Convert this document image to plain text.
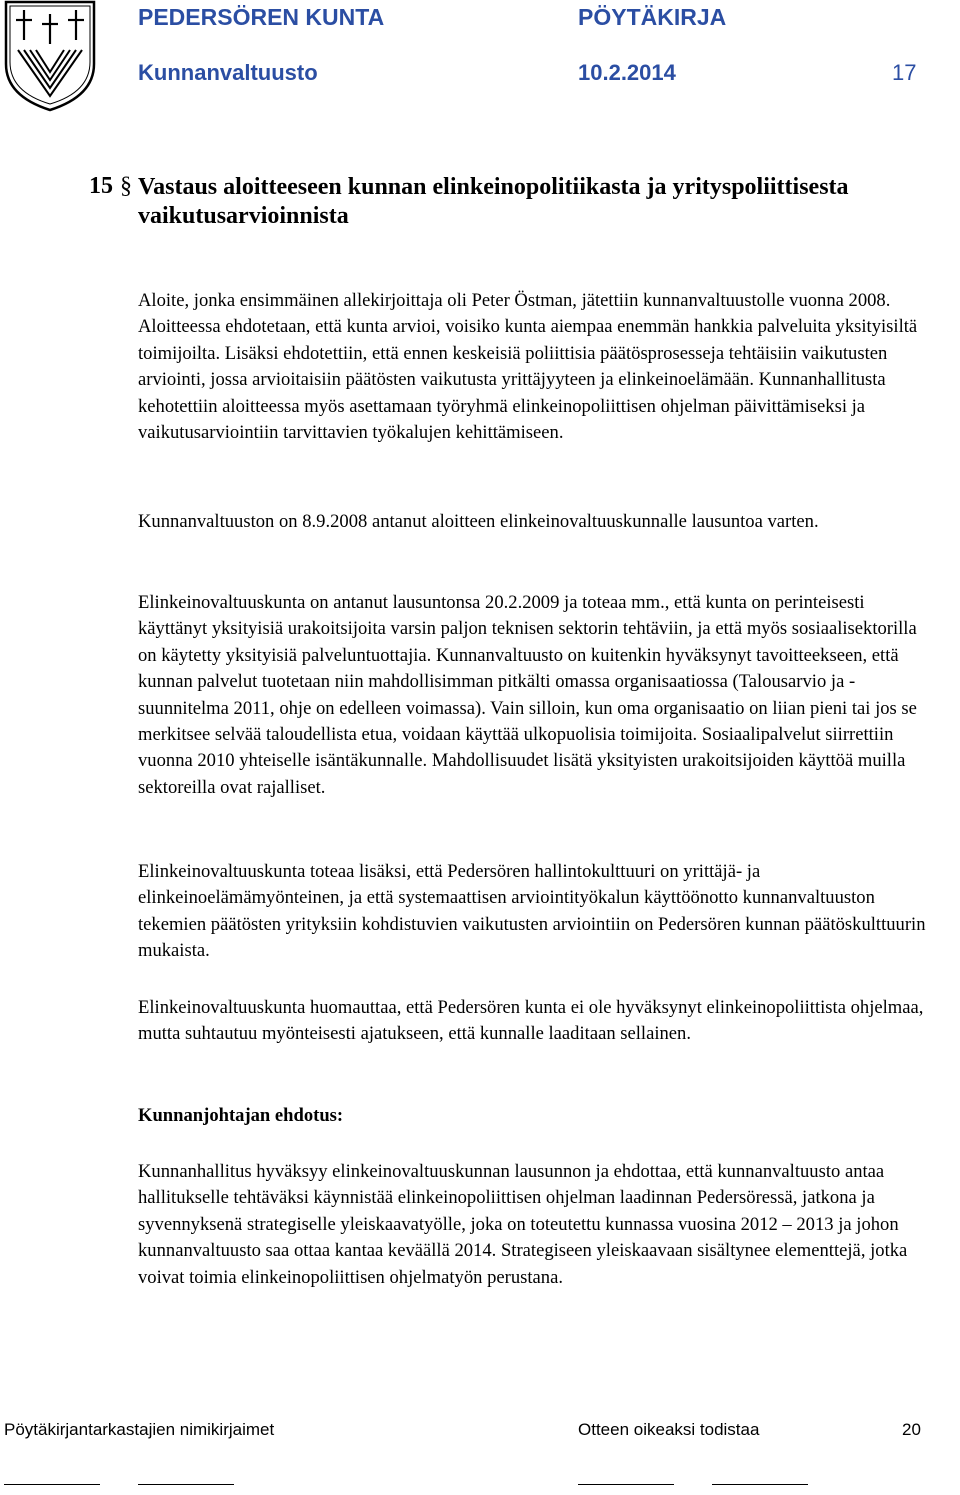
PEDERSÖREN KUNTA	PÖYTÄKIRJA
Kunnanvaltuusto	10.2.2014	17
15 § Vastaus aloitteeseen kunnan elinkeinopolitiikasta ja yrityspoliittisesta vaikutusarvioinnista

Aloite, jonka ensimmäinen allekirjoittaja oli Peter Östman, jätettiin kunnanvaltuustolle vuonna 2008. Aloitteessa ehdotetaan, että kunta arvioi, voisiko kunta aiempaa enemmän hankkia palveluita yksityisiltä toimijoilta. Lisäksi ehdotettiin, että ennen keskeisiä poliittisia päätösprosesseja tehtäisiin vaikutusten arviointi, jossa arvioitaisiin päätösten vaikutusta yrittäjyyteen ja elinkeinoelämään. Kunnanhallitusta kehotettiin aloitteessa myös asettamaan työryhmä elinkeinopoliittisen ohjelman päivittämiseksi ja vaikutusarviointiin tarvittavien työkalujen kehittämiseen.

Kunnanvaltuuston on 8.9.2008 antanut aloitteen elinkeinovaltuuskunnalle lausuntoa varten.

Elinkeinovaltuuskunta on antanut lausuntonsa 20.2.2009 ja toteaa mm., että kunta on perinteisesti käyttänyt yksityisiä urakoitsijoita varsin paljon teknisen sektorin tehtäviin, ja että myös sosiaalisektorilla on käytetty yksityisiä palveluntuottajia. Kunnanvaltuusto on kuitenkin hyväksynyt tavoitteekseen, että kunnan palvelut tuotetaan niin mahdollisimman pitkälti omassa organisaatiossa (Talousarvio ja -suunnitelma 2011, ohje on edelleen voimassa). Vain silloin, kun oma organisaatio on liian pieni tai jos se merkitsee selvää taloudellista etua, voidaan käyttää ulkopuolisia toimijoita. Sosiaalipalvelut siirrettiin vuonna 2010 yhteiselle isäntäkunnalle. Mahdollisuudet lisätä yksityisten urakoitsijoiden käyttöä muilla sektoreilla ovat rajalliset.

Elinkeinovaltuuskunta toteaa lisäksi, että Pedersören hallintokulttuuri on yrittäjä- ja elinkeinoelämämyönteinen, ja että systemaattisen arviointityökalun käyttöönotto kunnanvaltuuston tekemien päätösten yrityksiin kohdistuvien vaikutusten arviointiin on Pedersören kunnan päätöskulttuurin mukaista.

Elinkeinovaltuuskunta huomauttaa, että Pedersören kunta ei ole hyväksynyt elinkeinopoliittista ohjelmaa, mutta suhtautuu myönteisesti ajatukseen, että kunnalle laaditaan sellainen.

Kunnanjohtajan ehdotus:

Kunnanhallitus hyväksyy elinkeinovaltuuskunnan lausunnon ja ehdottaa, että kunnanvaltuusto antaa hallitukselle tehtäväksi käynnistää elinkeinopoliittisen ohjelman laadinnan Pedersöressä, jatkona ja syvennyksenä strategiselle yleiskaavatyölle, joka on toteutettu kunnassa vuosina 2012 – 2013 ja johon kunnanvaltuusto saa ottaa kantaa keväällä 2014. Strategiseen yleiskaavaan sisältynee elementtejä, jotka voivat toimia elinkeinopoliittisen ohjelmatyön perustana.

Pöytäkirjantarkastajien nimikirjaimet	Otteen oikeaksi todistaa	20
